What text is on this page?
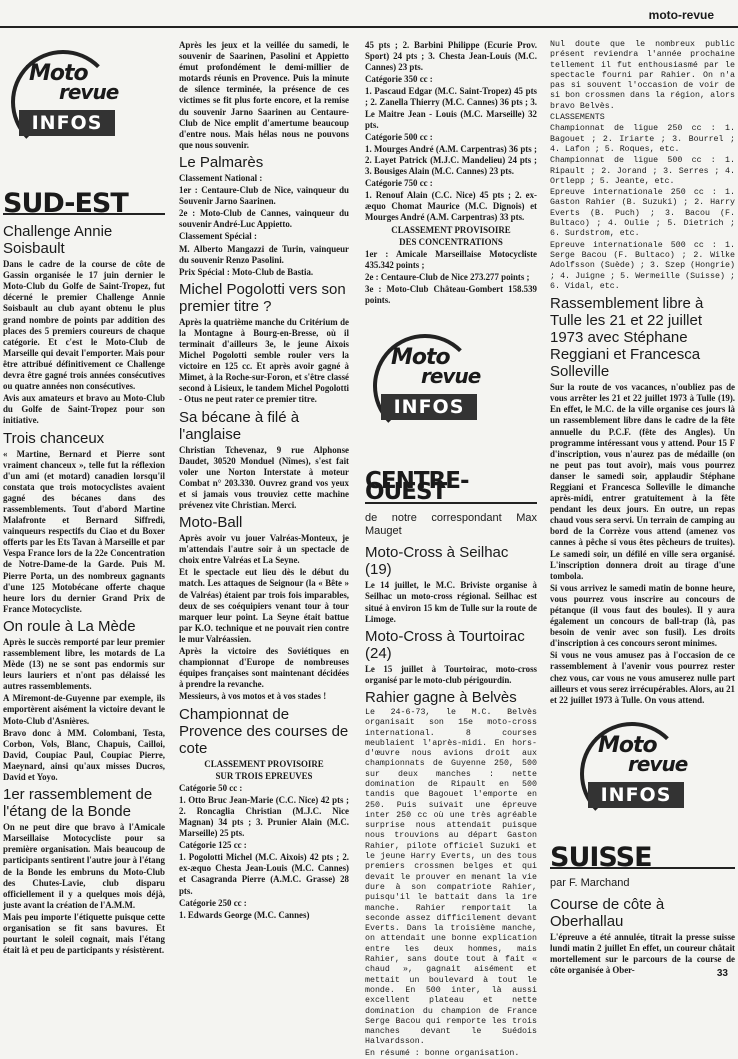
moto-revue
Moto
revue
INFOS
SUD-EST
Challenge Annie Soisbault

Dans le cadre de la course de côte de Gassin organisée le 17 juin dernier le Moto-Club du Golfe de Saint-Tropez, fut décerné le premier Challenge Annie Soisbault au club ayant obtenu le plus grand nombre de points par addition des places des 5 premiers coureurs de chaque catégorie. Et c'est le Moto-Club de Marseille qui devait l'emporter. Mais pour être attribué définitivement ce Challenge devra être gagné trois années consécutives ou quatre années non consécutives.

Avis aux amateurs et bravo au Moto-Club du Golfe de Saint-Tropez pour son initiative.

Trois chanceux

« Martine, Bernard et Pierre sont vraiment chanceux », telle fut la réflexion d'un ami (et motard) canadien lorsqu'il constata que trois motocyclistes avaient gagné des bécanes dans des rassemblements. Tout d'abord Martine Malafronte et Bernard Siffredi, vainqueurs respectifs du Ciao et du Boxer offerts par les Ets Tavan à Marseille et par Vespa France lors de la 22e Concentration de Notre-Dame-de la Garde. Puis M. Pierre Porta, un des nombreux gagnants d'une 125 Motobécane offerte chaque heure lors du dernier Grand Prix de France Motocycliste.

On roule à La Mède

Après le succès remporté par leur premier rassemblement libre, les motards de La Mède (13) ne se sont pas endormis sur leurs lauriers et n'ont pas délaissé les autres rassemblements.

A Miremont-de-Guyenne par exemple, ils emportèrent aisément la victoire devant le Moto-Club d'Asnières.

Bravo donc à MM. Colombani, Testa, Corbon, Vols, Blanc, Chapuis, Cailloi, David, Coupiac Paul, Coupiac Pierre, Maeynard, ainsi qu'aux misses Ducros, David et Yoyo.

1er rassemblement de l'étang de la Bonde

On ne peut dire que bravo à l'Amicale Marseillaise Motocycliste pour sa première organisation. Mais beaucoup de participants sentirent l'autre jour à l'étang de la Bonde les embruns du Moto-Club des Chutes-Lavie, club disparu officiellement il y a quelques mois déjà, juste avant la création de l'A.M.M.

Mais peu importe l'étiquette puisque cette organisation se fit sans bavures. Et pourtant le soleil cognait, mais l'étang était là et peu de participants y résistèrent.

Après les jeux et la veillée du samedi, le souvenir de Saarinen, Pasolini et Appietto émut profondément le demi-millier de motards réunis en Provence. Puis la minute de silence terminée, la présence de ces victimes se fit plus forte encore, et la remise du souvenir Jarno Saarinen au Centaure-Club de Nice emplit d'amertume beaucoup d'entre nous. Mais hélas nous ne pouvons que nous souvenir.

Le Palmarès

Classement National :

1er : Centaure-Club de Nice, vainqueur du Souvenir Jarno Saarinen.

2e : Moto-Club de Cannes, vainqueur du souvenir André-Luc Appietto.

Classement Spécial :

M. Alberto Mangazzi de Turin, vainqueur du souvenir Renzo Pasolini.

Prix Spécial : Moto-Club de Bastia.

Michel Pogolotti vers son premier titre ?

Après la quatrième manche du Critérium de la Montagne à Bourg-en-Bresse, où il terminait d'ailleurs 3e, le jeune Aixois Michel Pogolotti semble rouler vers la victoire en 125 cc. Et après avoir gagné à Mimet, à la Roche-sur-Foron, et s'être classé second à Lisieux, le tandem Michel Pogolotti - Otus ne peut rater ce premier titre.

Sa bécane à filé à l'anglaise

Christian Tchevenaz, 9 rue Alphonse Daudet, 30520 Monduel (Nîmes), s'est fait voler une Norton Interstate à moteur Combat n° 203.330. Ouvrez grand vos yeux et si jamais vous trouviez cette machine prévenez vite Christian. Merci.

Moto-Ball

Après avoir vu jouer Valréas-Monteux, je m'attendais l'autre soir à un spectacle de choix entre Valréas et La Seyne.

Et le spectacle eut lieu dès le début du match. Les attaques de Seignour (la « Bête » de Valréas) étaient par trois fois imparables, deux de ses coéquipiers venant tour à tour marquer leur point. La Seyne était battue par K.O. technique et ne pouvait rien contre le mur Valréassien.

Après la victoire des Soviétiques en championnat d'Europe de nombreuses équipes françaises sont maintenant décidées à prendre la revanche.

Messieurs, à vos motos et à vos stades !

Championnat de Provence des courses de cote

CLASSEMENT PROVISOIRE

SUR TROIS EPREUVES

Catégorie 50 cc :

1. Otto Bruc Jean-Marie (C.C. Nice) 42 pts ; 2. Roncaglia Christian (M.J.C. Nice Magnan) 34 pts ; 3. Prunier Alain (M.C. Marseille) 25 pts.

Catégorie 125 cc :

1. Pogolotti Michel (M.C. Aixois) 42 pts ; 2. ex-æquo Chesta Jean-Louis (M.C. Cannes) et Casagranda Pierre (A.M.C. Grasse) 28 pts.

Catégorie 250 cc :

1. Edwards George (M.C. Cannes)

45 pts ; 2. Barbini Philippe (Ecurie Prov. Sport) 24 pts ; 3. Chesta Jean-Louis (M.C. Cannes) 23 pts.

Catégorie 350 cc :

1. Pascaud Edgar (M.C. Saint-Tropez) 45 pts ; 2. Zanella Thierry (M.C. Cannes) 36 pts ; 3. Le Maitre Jean - Louis (M.C. Marseille) 32 pts.

Catégorie 500 cc :

1. Mourges André (A.M. Carpentras) 36 pts ; 2. Layet Patrick (M.J.C. Mandelieu) 24 pts ; 3. Bousiges Alain (M.C. Cannes) 23 pts.

Catégorie 750 cc :

1. Renouf Alain (C.C. Nice) 45 pts ; 2. ex-æquo Chomat Maurice (M.C. Dignois) et Mourges André (A.M. Carpentras) 33 pts.

CLASSEMENT PROVISOIRE

DES CONCENTRATIONS

1er : Amicale Marseillaise Motocycliste 435.342 points ;

2e : Centaure-Club de Nice 273.277 points ;

3e : Moto-Club Château-Gombert 158.539 points.

Moto
revue
INFOS
CENTRE-OUEST
de notre correspondant Max Mauget
Moto-Cross à Seilhac (19)

Le 14 juillet, le M.C. Briviste organise à Seilhac un moto-cross régional. Seilhac est situé à environ 15 km de Tulle sur la route de Limoge.

Moto-Cross à Tourtoirac (24)

Le 15 juillet à Tourtoirac, moto-cross organisé par le moto-club périgourdin.

Rahier gagne à Belvès

Le 24-6-73, le M.C. Belvès organisait son 15e moto-cross international. 8 courses meublaient l'après-midi. En hors-d'œuvre nous avions droit aux championnats de Guyenne 250, 500 sur deux manches : nette domination de Ripault en 500 tandis que Bagouet l'emporte en 250. Puis suivait une épreuve inter 250 cc où une très agréable surprise nous attendait puisque nous trouvions au départ Gaston Rahier, pilote officiel Suzuki et le jeune Harry Everts, un des tous premiers crossmen belges et qui devait le prouver en menant la vie dure à son compatriote Rahier, puisqu'il le battait dans la 1re manche. Rahier remportait la seconde assez difficilement devant Everts. Dans la troisième manche, on attendait une bonne explication entre les deux hommes, mais Rahier, sans doute tout à fait « chaud », gagnait aisément et mettait un boulevard à tout le monde. En 500 inter, là aussi excellent plateau et nette domination du champion de France Serge Bacou qui remporte les trois manches devant le Suédois Halvardsson.

En résumé : bonne organisation.

Nul doute que le nombreux public présent reviendra l'année prochaine tellement il fut enthousiasmé par le spectacle fourni par Rahier. On n'a pas si souvent l'occasion de voir de si bon crossmen dans la région, alors bravo Belvès.

CLASSEMENTS

Championnat de ligue 250 cc : 1. Bagouet ; 2. Iriarte ; 3. Bourrel ; 4. Lafon ; 5. Roques, etc.

Championnat de ligue 500 cc : 1. Ripault ; 2. Jorand ; 3. Serres ; 4. Ortlepp ; 5. Jeante, etc.

Epreuve internationale 250 cc : 1. Gaston Rahier (B. Suzuki) ; 2. Harry Everts (B. Puch) ; 3. Bacou (F. Bultaco) ; 4. Oulie ; 5. Dietrich ; 6. Surdstrom, etc.

Epreuve internationale 500 cc : 1. Serge Bacou (F. Bultaco) ; 2. Wilke Adolfsson (Suède) ; 3. Szep (Hongrie) ; 4. Juigne ; 5. Wermeille (Suisse) ; 6. Vidal, etc.

Rassemblement libre à Tulle les 21 et 22 juillet 1973 avec Stéphane Reggiani et Francesca Solleville

Sur la route de vos vacances, n'oubliez pas de vous arrêter les 21 et 22 juillet 1973 à Tulle (19). En effet, le M.C. de la ville organise ces jours là un rassemblement libre dans le cadre de la fête annuelle du P.C.F. (fête des Angles). Un programme intéressant vous y attend. Pour 15 F d'inscription, vous n'aurez pas de médaille (on ne peut pas tout avoir), mais vous pourrez danser le samedi soir, applaudir Stéphane Reggiani et Francesca Solleville le dimanche après-midi, entrer gratuitement à la fête pendant les deux jours. En outre, un repas chaud vous sera servi. Un terrain de camping au bord de la Corrèze vous attend (amenez vos cannes à pêche si vous êtes pêcheurs de truites). Le samedi soir, un défilé en ville sera organisé. L'inscription donnera droit au tirage d'une tombola.

Si vous arrivez le samedi matin de bonne heure, vous pourrez vous inscrire au concours de pétanque (il vous faut des boules). Il y aura également un concours de ball-trap (là, pas besoin de venir avec son fusil). Les droits d'inscription à ces concours seront minimes.

Si vous ne vous amusez pas à l'occasion de ce rassemblement à l'avenir vous pourrez rester chez vous, car vous ne vous amuserez nulle part ailleurs et vous serez irrécupérables. Alors, au 21 et 22 juillet 1973 à Tulle. On vous attend.

Moto
revue
INFOS
SUISSE
par F. Marchand
Course de côte à Oberhallau

L'épreuve a été annulée, titrait la presse suisse lundi matin 2 juillet En effet, un coureur châtait mortellement sur le parcours de la course de côte organisée à Ober-	33
